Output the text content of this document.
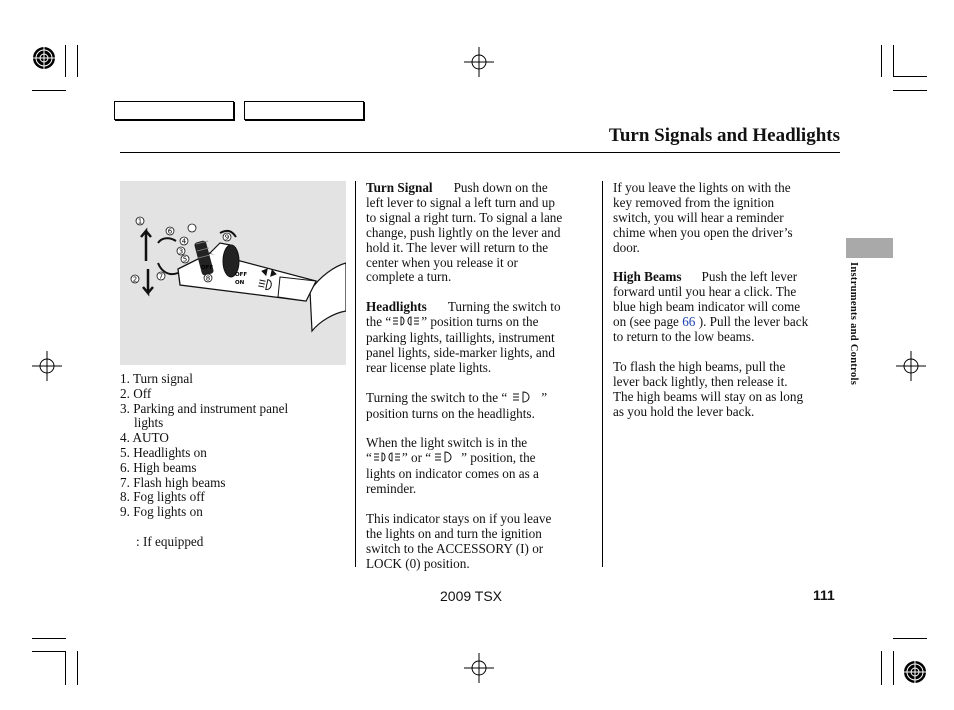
Turn Signals and Headlights
Instruments and Controls
1
2
3
4
5
6
7	8
9
OFF
OFF
ON
1. Turn signal
2. Off
3. Parking and instrument panel
lights
4. AUTO
5. Headlights on
6. High beams
7. Flash high beams
8. Fog lights off
9. Fog lights on
: If equipped

Turn Signal Push down on the

left lever to signal a left turn and up

to signal a right turn. To signal a lane

change, push lightly on the lever and

hold it. The lever will return to the

center when you release it or

complete a turn.

Headlights Turning the switch to

the “ ” position turns on the

parking lights, taillights, instrument

panel lights, side-marker lights, and

rear license plate lights.

Turning the switch to the “	”

position turns on the headlights.

When the light switch is in the

“ ” or “ ” position, the

lights on indicator comes on as a

reminder.

This indicator stays on if you leave

the lights on and turn the ignition

switch to the ACCESSORY (I) or

LOCK (0) position.

If you leave the lights on with the

key removed from the ignition

switch, you will hear a reminder

chime when you open the driver’s

door.

High Beams Push the left lever

forward until you hear a click. The

blue high beam indicator will come

on (see page 66 ). Pull the lever back

to return to the low beams.

To flash the high beams, pull the

lever back lightly, then release it.

The high beams will stay on as long

as you hold the lever back.

2009 TSX	111
